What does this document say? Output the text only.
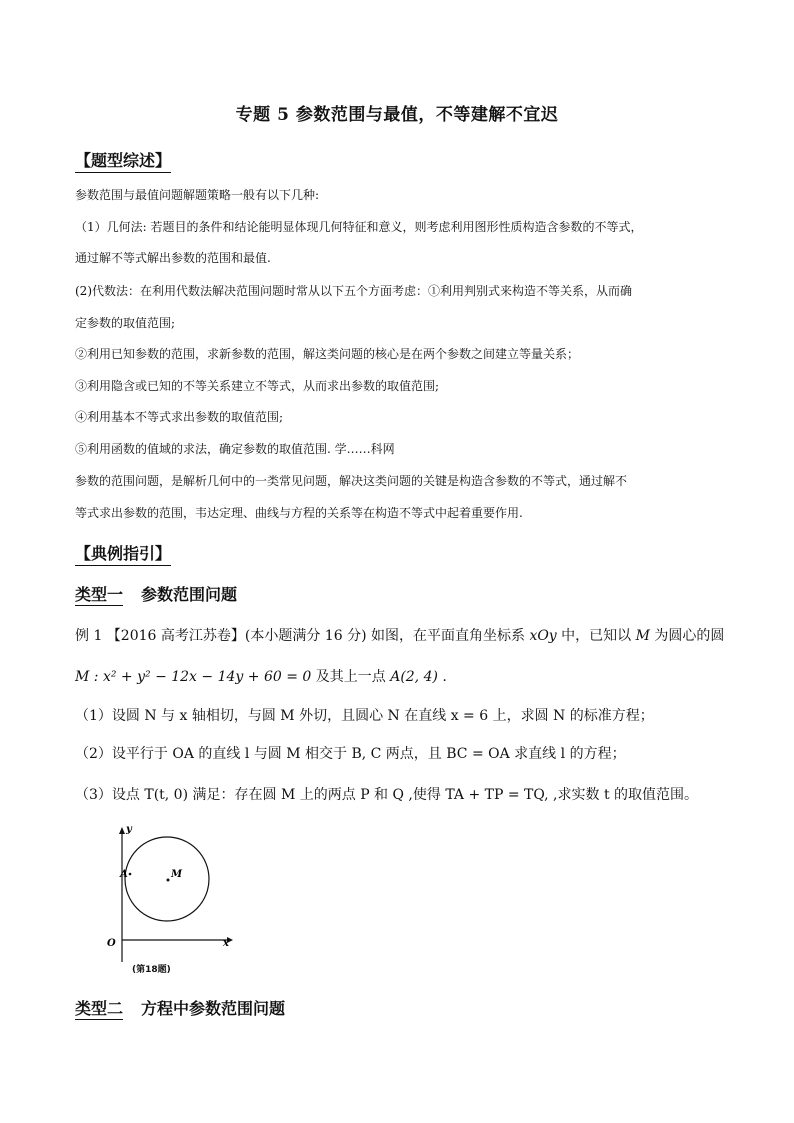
专题 5 参数范围与最值，不等建解不宜迟
【题型综述】
参数范围与最值问题解题策略一般有以下几种:
（1）几何法: 若题目的条件和结论能明显体现几何特征和意义，则考虑利用图形性质构造含参数的不等式，
通过解不等式解出参数的范围和最值.
(2)代数法：在利用代数法解决范围问题时常从以下五个方面考虑：①利用判别式来构造不等关系，从而确
定参数的取值范围;
②利用已知参数的范围，求新参数的范围，解这类问题的核心是在两个参数之间建立等量关系；
③利用隐含或已知的不等关系建立不等式，从而求出参数的取值范围;
④利用基本不等式求出参数的取值范围;
⑤利用函数的值域的求法，确定参数的取值范围. 学……科网
参数的范围问题，是解析几何中的一类常见问题，解决这类问题的关键是构造含参数的不等式，通过解不
等式求出参数的范围，韦达定理、曲线与方程的关系等在构造不等式中起着重要作用.
【典例指引】
类型一 参数范围问题
例 1 【2016 高考江苏卷】(本小题满分 16 分) 如图，在平面直角坐标系 xOy 中，已知以 M 为圆心的圆
M : x² + y² − 12x − 14y + 60 = 0 及其上一点 A(2, 4) .
（1）设圆 N 与 x 轴相切，与圆 M 外切，且圆心 N 在直线 x = 6 上，求圆 N 的标准方程；
（2）设平行于 OA 的直线 l 与圆 M 相交于 B, C 两点，且 BC = OA 求直线 l 的方程；
（3）设点 T(t, 0) 满足：存在圆 M 上的两点 P 和 Q ,使得 TA + TP = TQ, ,求实数 t 的取值范围。
y
x
O
M
A
(第18题)
类型二 方程中参数范围问题
